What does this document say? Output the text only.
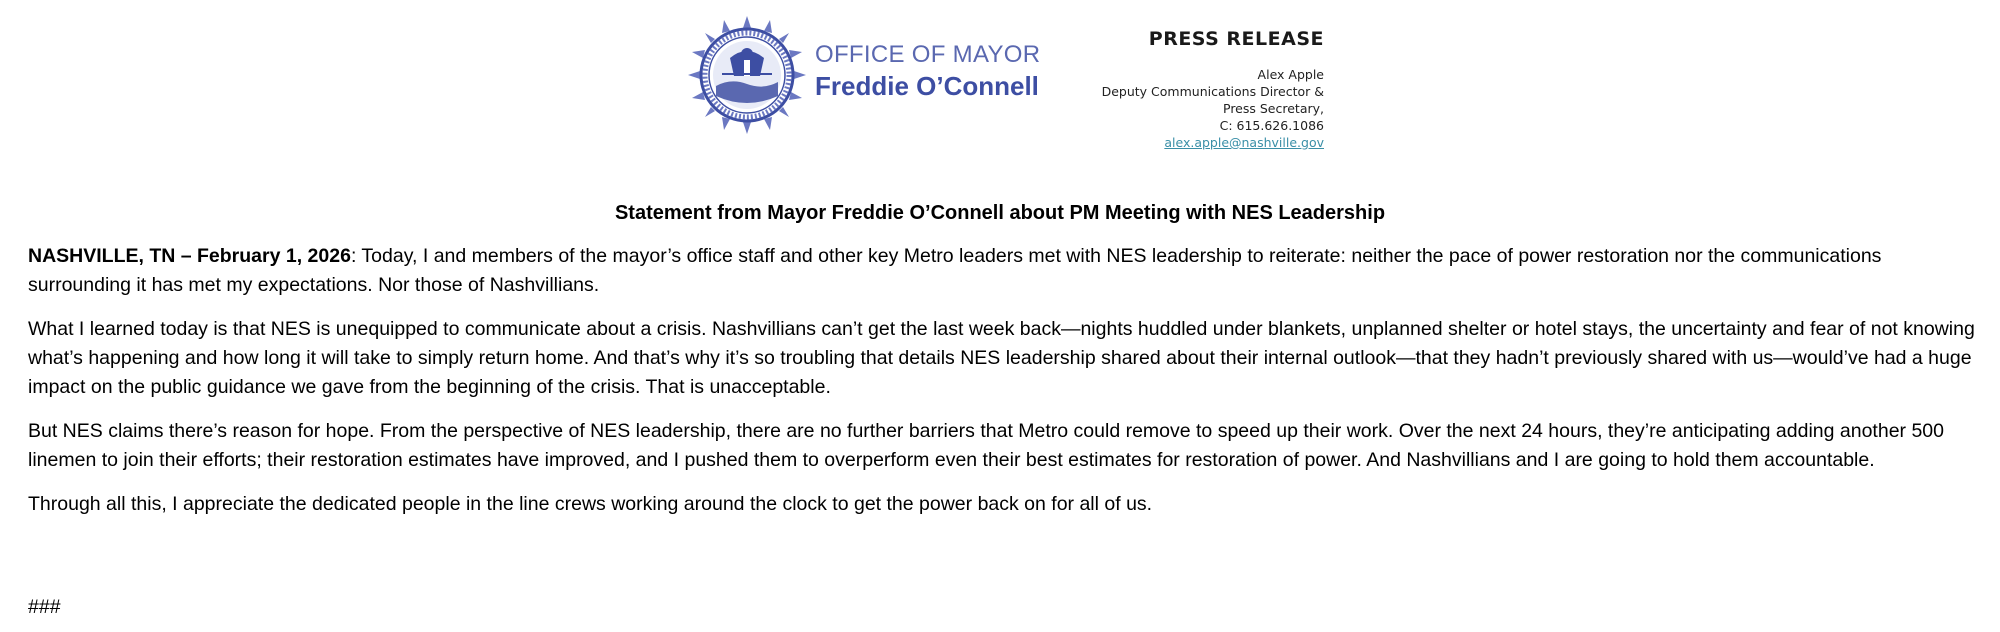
OFFICE OF MAYOR
Freddie O’Connell
PRESS RELEASE
Alex Apple
Deputy Communications Director &
Press Secretary,
C: 615.626.1086
alex.apple@nashville.gov
Statement from Mayor Freddie O’Connell about PM Meeting with NES Leadership

NASHVILLE, TN – February 1, 2026: Today, I and members of the mayor’s office staff and other key Metro leaders met with NES leadership to reiterate: neither the pace of power restoration nor the communications surrounding it has met my expectations. Nor those of Nashvillians.

What I learned today is that NES is unequipped to communicate about a crisis. Nashvillians can’t get the last week back—nights huddled under blankets, unplanned shelter or hotel stays, the uncertainty and fear of not knowing what’s happening and how long it will take to simply return home. And that’s why it’s so troubling that details NES leadership shared about their internal outlook—that they hadn’t previously shared with us—would’ve had a huge impact on the public guidance we gave from the beginning of the crisis. That is unacceptable.

But NES claims there’s reason for hope. From the perspective of NES leadership, there are no further barriers that Metro could remove to speed up their work. Over the next 24 hours, they’re anticipating adding another 500 linemen to join their efforts; their restoration estimates have improved, and I pushed them to overperform even their best estimates for restoration of power. And Nashvillians and I are going to hold them accountable.

Through all this, I appreciate the dedicated people in the line crews working around the clock to get the power back on for all of us.

###
